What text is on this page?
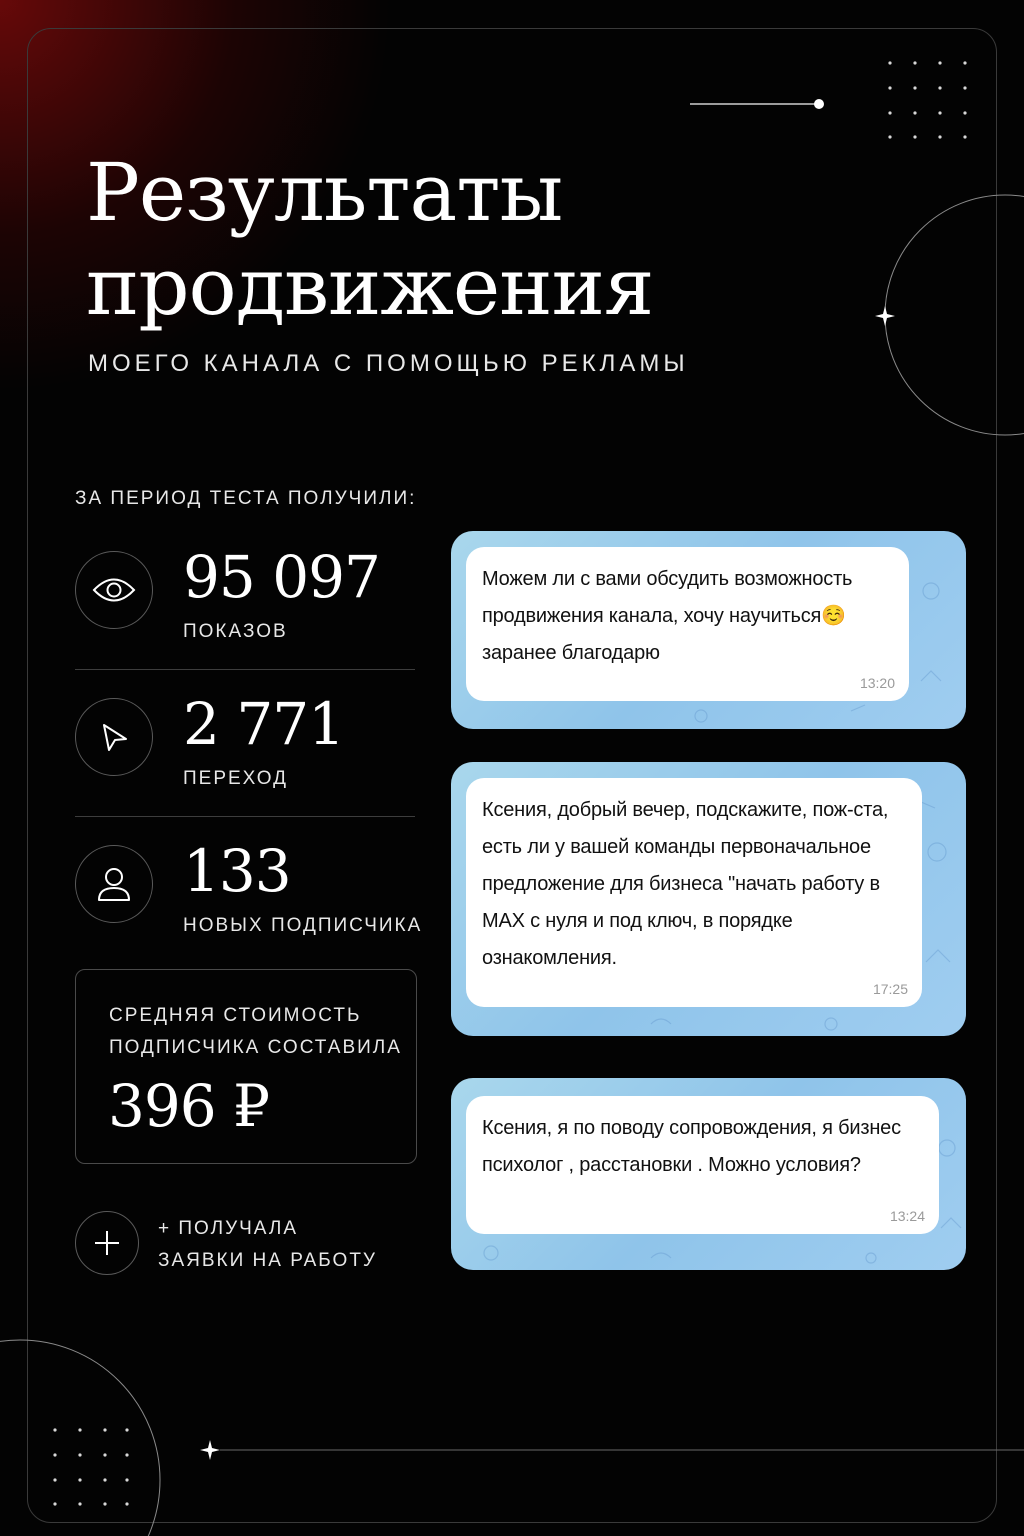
Результаты
продвижения
МОЕГО КАНАЛА С ПОМОЩЬЮ РЕКЛАМЫ
ЗА ПЕРИОД ТЕСТА ПОЛУЧИЛИ:
95 097
ПОКАЗОВ
2 771
ПЕРЕХОД
133
НОВЫХ ПОДПИСЧИКА
СРЕДНЯЯ СТОИМОСТЬ
ПОДПИСЧИКА СОСТАВИЛА
396 ₽
+ ПОЛУЧАЛА
ЗАЯВКИ НА РАБОТУ
Можем ли с вами обсудить возможность
продвижения канала, хочу научиться☺️
заранее благодарю
13:20
Ксения, добрый вечер, подскажите, пож-ста,
есть ли у вашей команды первоначальное
предложение для бизнеса "начать работу в
MAX с нуля и под ключ, в порядке
ознакомления.
17:25
Ксения, я по поводу сопровождения, я бизнес
психолог , расстановки . Можно условия?
13:24
